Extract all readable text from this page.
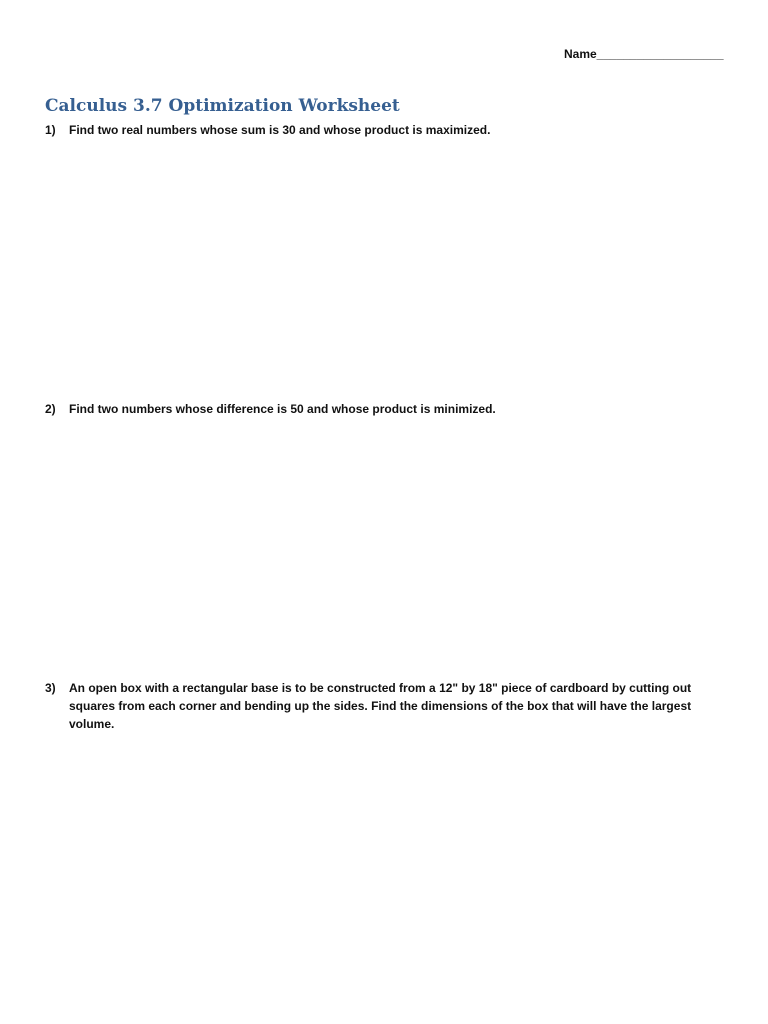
Name___________________
Calculus 3.7 Optimization Worksheet
1)	Find two real numbers whose sum is 30 and whose product is maximized.
2)	Find two numbers whose difference is 50 and whose product is minimized.
3)	An open box with a rectangular base is to be constructed from a 12" by 18" piece of cardboard by cutting out squares from each corner and bending up the sides. Find the dimensions of the box that will have the largest volume.
